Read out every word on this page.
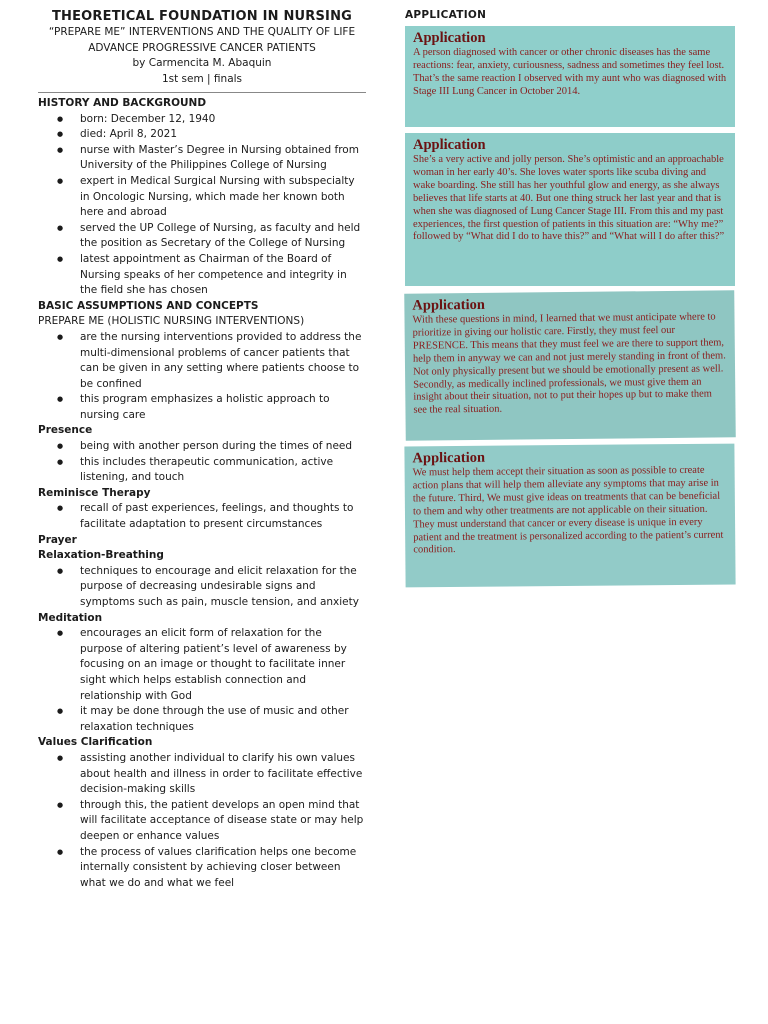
THEORETICAL FOUNDATION IN NURSING

“PREPARE ME” INTERVENTIONS AND THE QUALITY OF LIFE ADVANCE PROGRESSIVE CANCER PATIENTS

by Carmencita M. Abaquin

1st sem | finals

HISTORY AND BACKGROUND

● born: December 12, 1940
● died: April 8, 2021
● nurse with Master’s Degree in Nursing obtained from University of the Philippines College of Nursing
● expert in Medical Surgical Nursing with subspecialty in Oncologic Nursing, which made her known both here and abroad
● served the UP College of Nursing, as faculty and held the position as Secretary of the College of Nursing
● latest appointment as Chairman of the Board of Nursing speaks of her competence and integrity in the field she has chosen

BASIC ASSUMPTIONS AND CONCEPTS

PREPARE ME (HOLISTIC NURSING INTERVENTIONS)

● are the nursing interventions provided to address the multi-dimensional problems of cancer patients that can be given in any setting where patients choose to be confined
● this program emphasizes a holistic approach to nursing care

Presence

● being with another person during the times of need
● this includes therapeutic communication, active listening, and touch

Reminisce Therapy

● recall of past experiences, feelings, and thoughts to facilitate adaptation to present circumstances

Prayer

Relaxation-Breathing

● techniques to encourage and elicit relaxation for the purpose of decreasing undesirable signs and symptoms such as pain, muscle tension, and anxiety

Meditation

● encourages an elicit form of relaxation for the purpose of altering patient’s level of awareness by focusing on an image or thought to facilitate inner sight which helps establish connection and relationship with God
● it may be done through the use of music and other relaxation techniques

Values Clarification

● assisting another individual to clarify his own values about health and illness in order to facilitate effective decision-making skills
● through this, the patient develops an open mind that will facilitate acceptance of disease state or may help deepen or enhance values
● the process of values clarification helps one become internally consistent by achieving closer between what we do and what we feel

APPLICATION

Application
A person diagnosed with cancer or other chronic diseases has the same reactions: fear, anxiety, curiousness, sadness and sometimes they feel lost. That’s the same reaction I observed with my aunt who was diagnosed with Stage III Lung Cancer in October 2014.
Application
She’s a very active and jolly person. She’s optimistic and an approachable woman in her early 40’s. She loves water sports like scuba diving and wake boarding. She still has her youthful glow and energy, as she always believes that life starts at 40. But one thing struck her last year and that is when she was diagnosed of Lung Cancer Stage III. From this and my past experiences, the first question of patients in this situation are: “Why me?” followed by “What did I do to have this?” and “What will I do after this?”
Application
With these questions in mind, I learned that we must anticipate where to prioritize in giving our holistic care. Firstly, they must feel our PRESENCE. This means that they must feel we are there to support them, help them in anyway we can and not just merely standing in front of them. Not only physically present but we should be emotionally present as well. Secondly, as medically inclined professionals, we must give them an insight about their situation, not to put their hopes up but to make them see the real situation.
Application
We must help them accept their situation as soon as possible to create action plans that will help them alleviate any symptoms that may arise in the future. Third, We must give ideas on treatments that can be beneficial to them and why other treatments are not applicable on their situation. They must understand that cancer or every disease is unique in every patient and the treatment is personalized according to the patient’s current condition.
